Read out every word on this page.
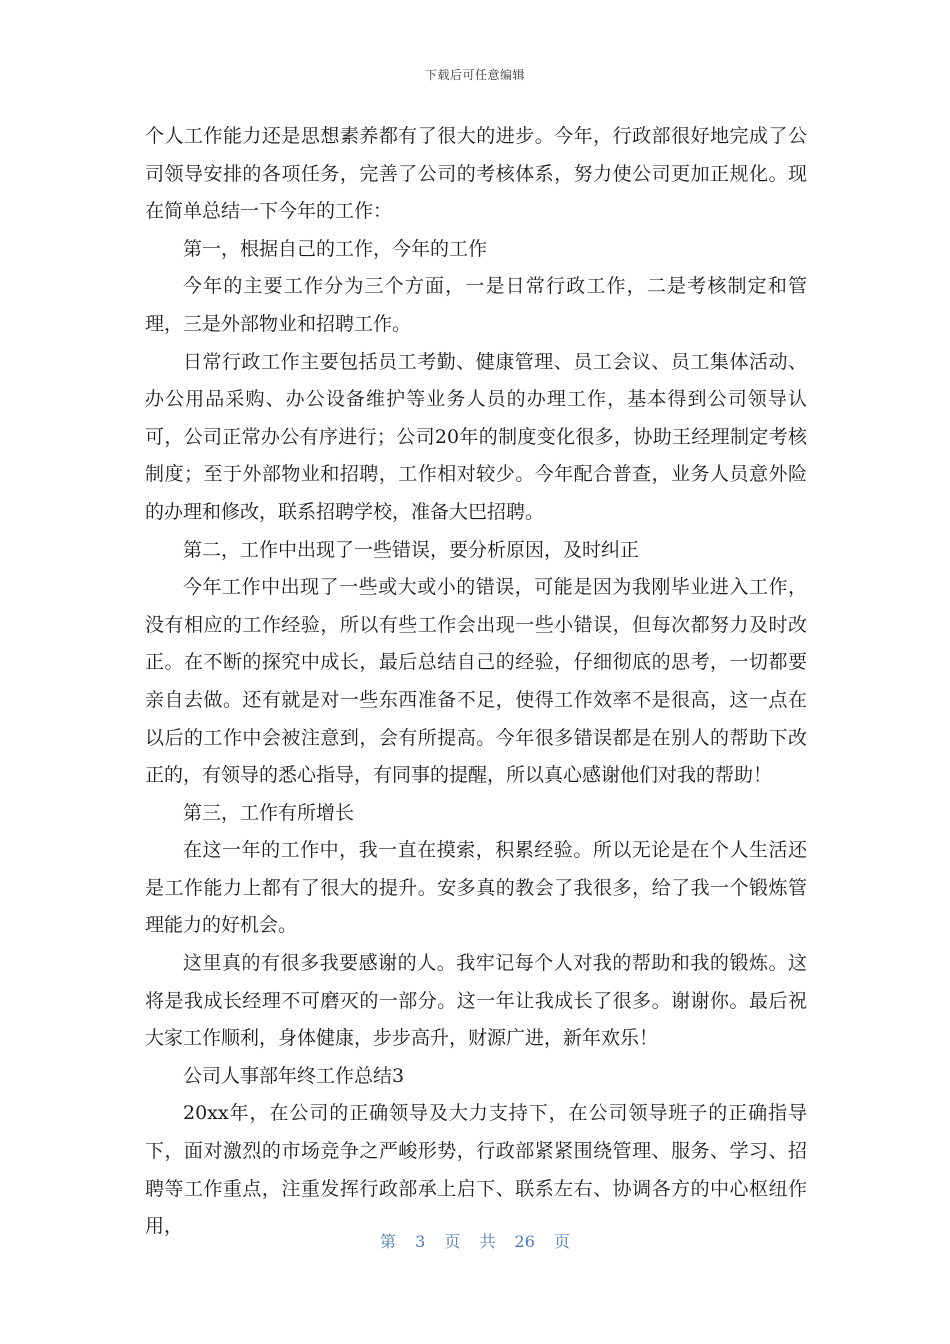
下载后可任意编辑

个人工作能力还是思想素养都有了很大的进步。今年，行政部很好地完成了公司领导安排的各项任务，完善了公司的考核体系，努力使公司更加正规化。现在简单总结一下今年的工作：

第一，根据自己的工作，今年的工作

今年的主要工作分为三个方面，一是日常行政工作，二是考核制定和管理，三是外部物业和招聘工作。

日常行政工作主要包括员工考勤、健康管理、员工会议、员工集体活动、办公用品采购、办公设备维护等业务人员的办理工作，基本得到公司领导认可，公司正常办公有序进行；公司20年的制度变化很多，协助王经理制定考核制度；至于外部物业和招聘，工作相对较少。今年配合普查，业务人员意外险的办理和修改，联系招聘学校，准备大巴招聘。

第二，工作中出现了一些错误，要分析原因，及时纠正

今年工作中出现了一些或大或小的错误，可能是因为我刚毕业进入工作，没有相应的工作经验，所以有些工作会出现一些小错误，但每次都努力及时改正。在不断的探究中成长，最后总结自己的经验，仔细彻底的思考，一切都要亲自去做。还有就是对一些东西准备不足，使得工作效率不是很高，这一点在以后的工作中会被注意到，会有所提高。今年很多错误都是在别人的帮助下改正的，有领导的悉心指导，有同事的提醒，所以真心感谢他们对我的帮助！

第三，工作有所增长

在这一年的工作中，我一直在摸索，积累经验。所以无论是在个人生活还是工作能力上都有了很大的提升。安多真的教会了我很多，给了我一个锻炼管理能力的好机会。

这里真的有很多我要感谢的人。我牢记每个人对我的帮助和我的锻炼。这将是我成长经理不可磨灭的一部分。这一年让我成长了很多。谢谢你。最后祝大家工作顺利，身体健康，步步高升，财源广进，新年欢乐！

公司人事部年终工作总结3

20xx年，在公司的正确领导及大力支持下，在公司领导班子的正确指导下，面对激烈的市场竞争之严峻形势，行政部紧紧围绕管理、服务、学习、招聘等工作重点，注重发挥行政部承上启下、联系左右、协调各方的中心枢纽作用，

第 3 页 共 26 页
